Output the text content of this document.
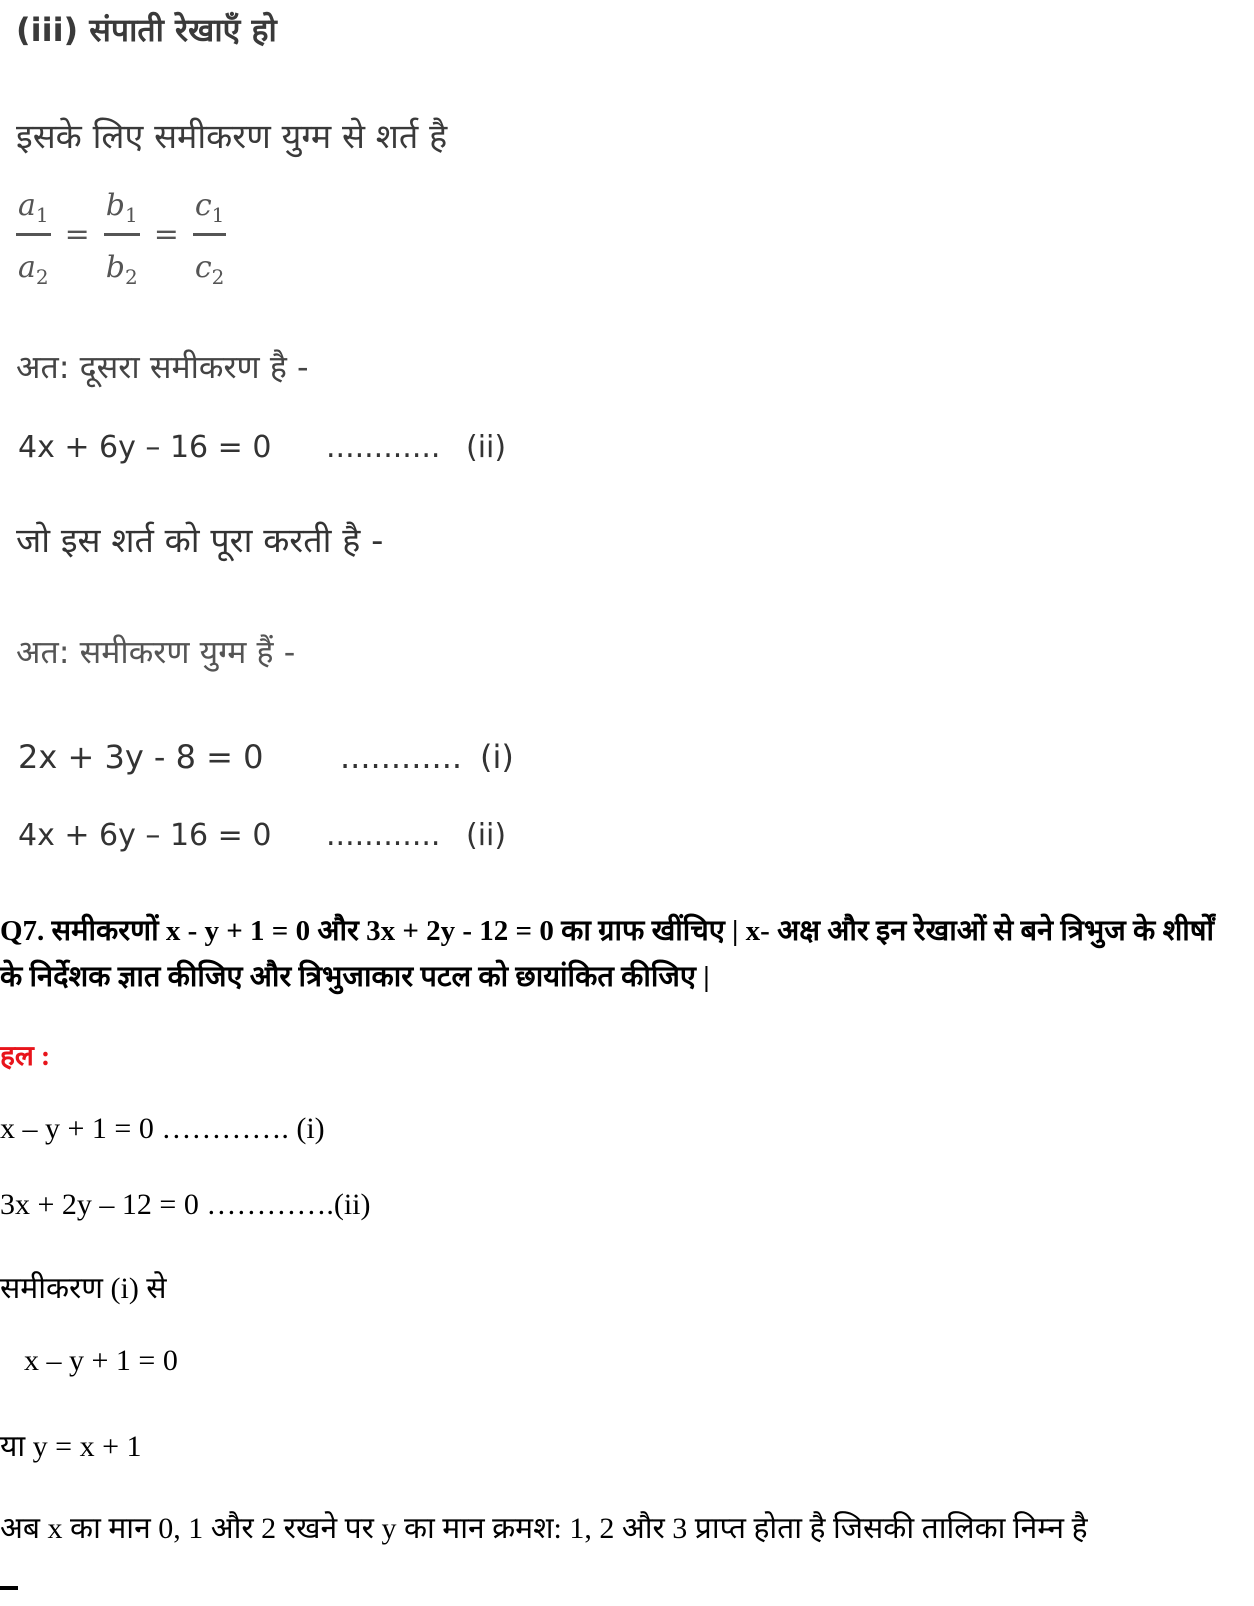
(iii) संपाती रेखाएँ हो
इसके लिए समीकरण युग्म से शर्त है
$\frac{a_1}{a_2} = \frac{b_1}{b_2} = \frac{c_1}{c_2}$
अत: दूसरा समीकरण है -
4x + 6y – 16 = 0 ............ (ii)
जो इस शर्त को पूरा करती है -
अत: समीकरण युग्म हैं -
2x + 3y - 8 = 0 ............ (i)
4x + 6y – 16 = 0 ............ (ii)
Q7. समीकरणों x - y + 1 = 0 और 3x + 2y - 12 = 0 का ग्राफ खींचिए | x- अक्ष और इन रेखाओं से बने त्रिभुज के शीर्षों के निर्देशक ज्ञात कीजिए और त्रिभुजाकार पटल को छायांकित कीजिए |
हल :
x – y + 1 = 0 …………. (i)
3x + 2y – 12 = 0 ………….(ii)
समीकरण (i) से
x – y + 1 = 0
या y = x + 1
अब x का मान 0, 1 और 2 रखने पर y का मान क्रमश: 1, 2 और 3 प्राप्त होता है जिसकी तालिका निम्न है
